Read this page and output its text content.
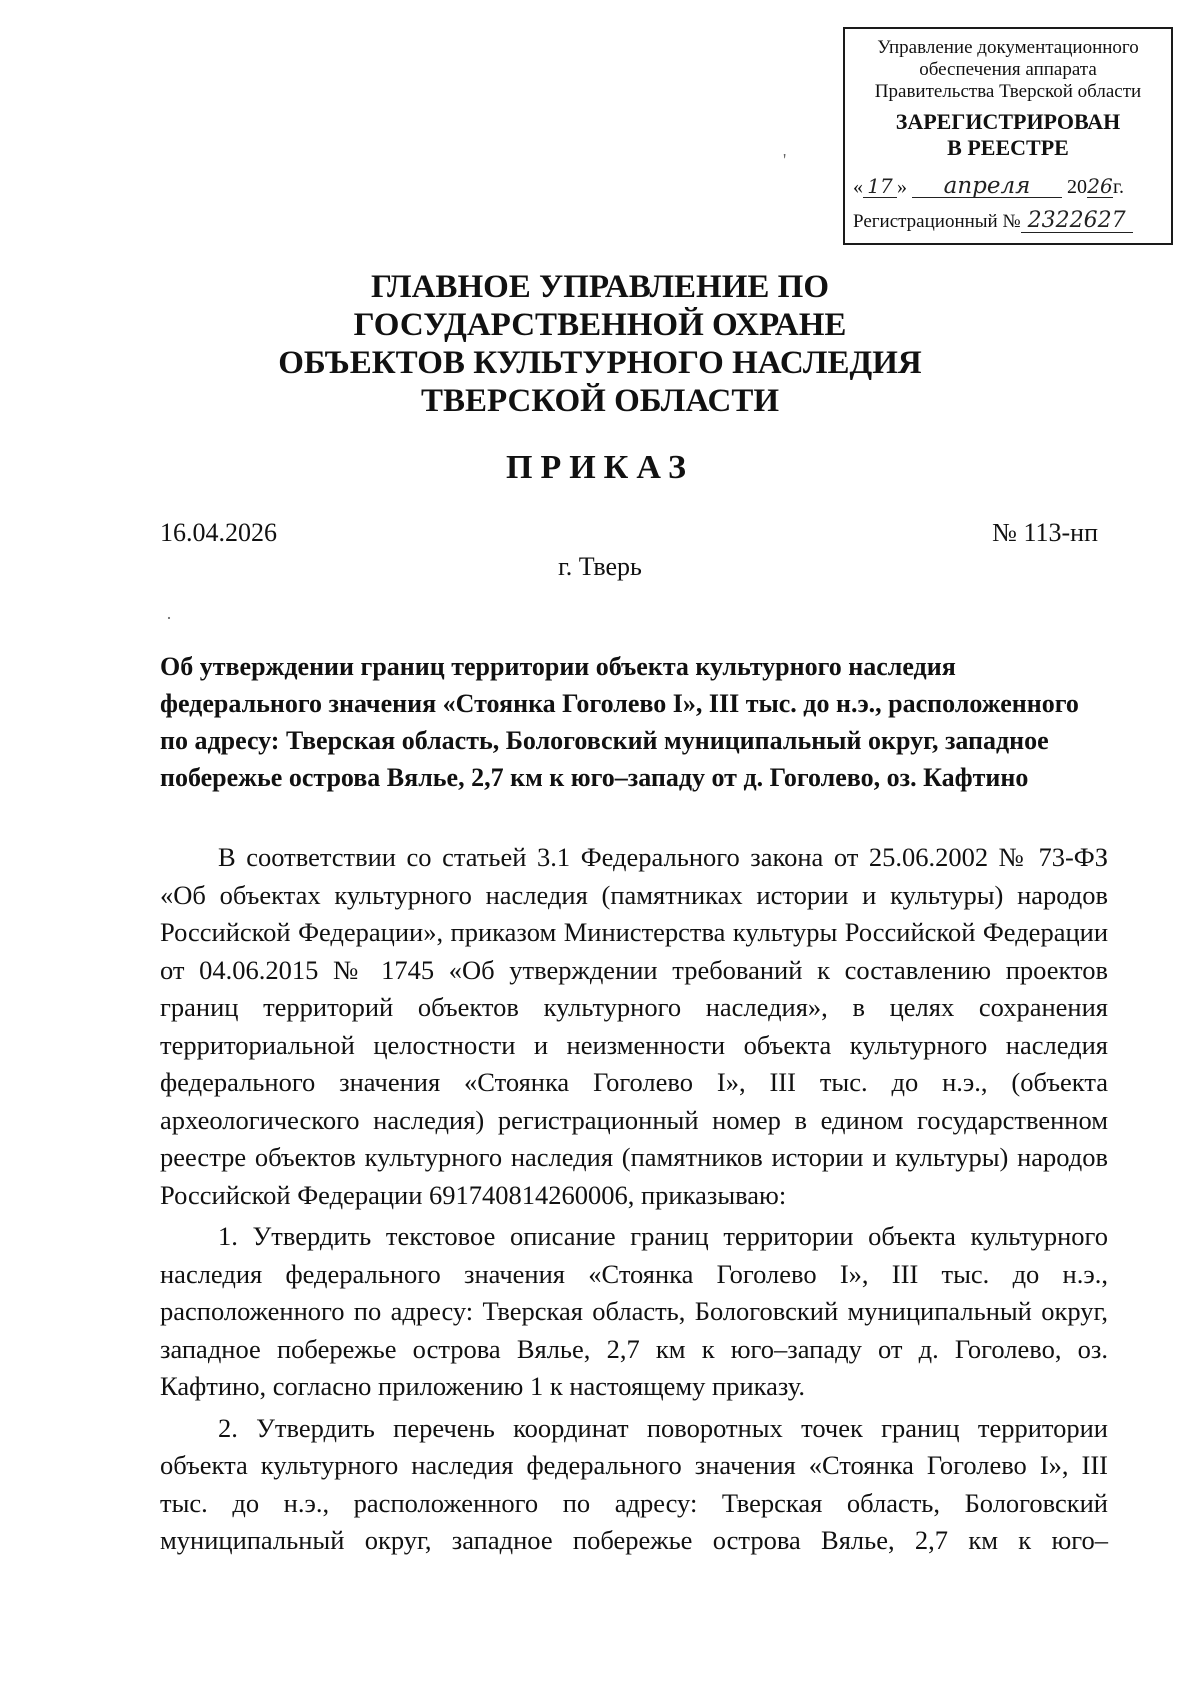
Управление документационного
обеспечения аппарата
Правительства Тверской области
ЗАРЕГИСТРИРОВАН
В РЕЕСТРЕ
« 17 » апреля 2026г.
Регистрационный № 2322627
ГЛАВНОЕ УПРАВЛЕНИЕ ПО
ГОСУДАРСТВЕННОЙ ОХРАНЕ
ОБЪЕКТОВ КУЛЬТУРНОГО НАСЛЕДИЯ
ТВЕРСКОЙ ОБЛАСТИ
ПРИКАЗ
16.04.2026	№ 113-нп
г. Тверь
Об утверждении границ территории объекта культурного наследия федерального значения «Стоянка Гоголево I», III тыс. до н.э., расположенного по адресу: Тверская область, Бологовский муниципальный округ, западное побережье острова Вялье, 2,7 км к юго–западу от д. Гоголево, оз. Кафтино

В соответствии со статьей 3.1 Федерального закона от 25.06.2002 № 73-ФЗ «Об объектах культурного наследия (памятниках истории и культуры) народов Российской Федерации», приказом Министерства культуры Российской Федерации от 04.06.2015 № 1745 «Об утверждении требований к составлению проектов границ территорий объектов культурного наследия», в целях сохранения территориальной целостности и неизменности объекта культурного наследия федерального значения «Стоянка Гоголево I», III тыс. до н.э., (объекта археологического наследия) регистрационный номер в едином государственном реестре объектов культурного наследия (памятников истории и культуры) народов Российской Федерации 691740814260006, приказываю:

1. Утвердить текстовое описание границ территории объекта культурного наследия федерального значения «Стоянка Гоголево I», III тыс. до н.э., расположенного по адресу: Тверская область, Бологовский муниципальный округ, западное побережье острова Вялье, 2,7 км к юго–западу от д. Гоголево, оз. Кафтино, согласно приложению 1 к настоящему приказу.

2. Утвердить перечень координат поворотных точек границ территории объекта культурного наследия федерального значения «Стоянка Гоголево I», III тыс. до н.э., расположенного по адресу: Тверская область, Бологовский муниципальный округ, западное побережье острова Вялье, 2,7 км к юго–

'
·
